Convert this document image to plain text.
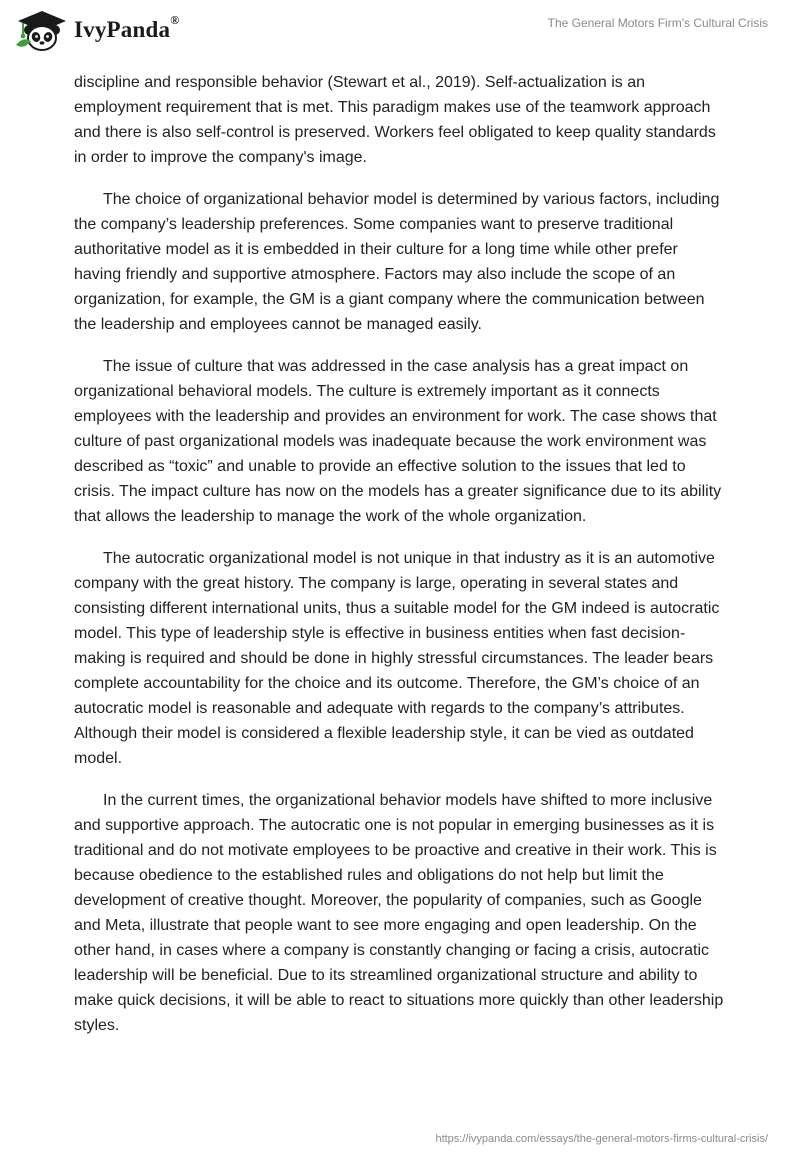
IvyPanda®	The General Motors Firm's Cultural Crisis

discipline and responsible behavior (Stewart et al., 2019). Self-actualization is an employment requirement that is met. This paradigm makes use of the teamwork approach and there is also self-control is preserved. Workers feel obligated to keep quality standards in order to improve the company's image.

The choice of organizational behavior model is determined by various factors, including the company’s leadership preferences. Some companies want to preserve traditional authoritative model as it is embedded in their culture for a long time while other prefer having friendly and supportive atmosphere. Factors may also include the scope of an organization, for example, the GM is a giant company where the communication between the leadership and employees cannot be managed easily.

The issue of culture that was addressed in the case analysis has a great impact on organizational behavioral models. The culture is extremely important as it connects employees with the leadership and provides an environment for work. The case shows that culture of past organizational models was inadequate because the work environment was described as “toxic” and unable to provide an effective solution to the issues that led to crisis. The impact culture has now on the models has a greater significance due to its ability that allows the leadership to manage the work of the whole organization.

The autocratic organizational model is not unique in that industry as it is an automotive company with the great history. The company is large, operating in several states and consisting different international units, thus a suitable model for the GM indeed is autocratic model. This type of leadership style is effective in business entities when fast decision-making is required and should be done in highly stressful circumstances. The leader bears complete accountability for the choice and its outcome. Therefore, the GM’s choice of an autocratic model is reasonable and adequate with regards to the company’s attributes. Although their model is considered a flexible leadership style, it can be vied as outdated model.

In the current times, the organizational behavior models have shifted to more inclusive and supportive approach. The autocratic one is not popular in emerging businesses as it is traditional and do not motivate employees to be proactive and creative in their work. This is because obedience to the established rules and obligations do not help but limit the development of creative thought. Moreover, the popularity of companies, such as Google and Meta, illustrate that people want to see more engaging and open leadership. On the other hand, in cases where a company is constantly changing or facing a crisis, autocratic leadership will be beneficial. Due to its streamlined organizational structure and ability to make quick decisions, it will be able to react to situations more quickly than other leadership styles.

https://ivypanda.com/essays/the-general-motors-firms-cultural-crisis/
